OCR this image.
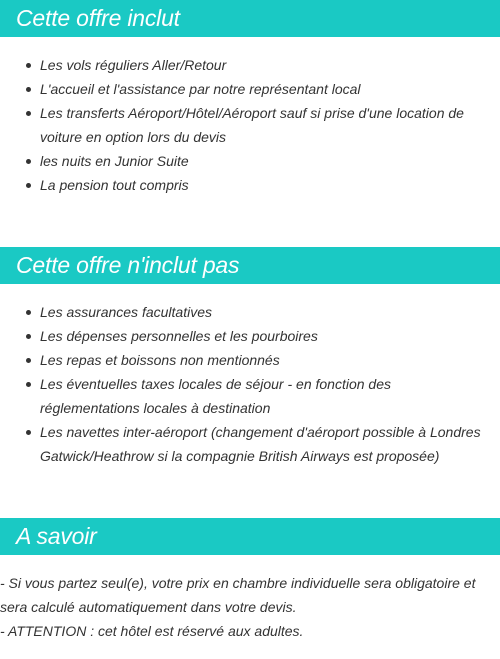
Cette offre inclut
Les vols réguliers Aller/Retour
L'accueil et l'assistance par notre représentant local
Les transferts Aéroport/Hôtel/Aéroport sauf si prise d'une location de voiture en option lors du devis
les nuits en Junior Suite
La pension tout compris
Cette offre n'inclut pas
Les assurances facultatives
Les dépenses personnelles et les pourboires
Les repas et boissons non mentionnés
Les éventuelles taxes locales de séjour - en fonction des réglementations locales à destination
Les navettes inter-aéroport (changement d'aéroport possible à Londres Gatwick/Heathrow si la compagnie British Airways est proposée)
A savoir
- Si vous partez seul(e), votre prix en chambre individuelle sera obligatoire et sera calculé automatiquement dans votre devis.
- ATTENTION : cet hôtel est réservé aux adultes.
